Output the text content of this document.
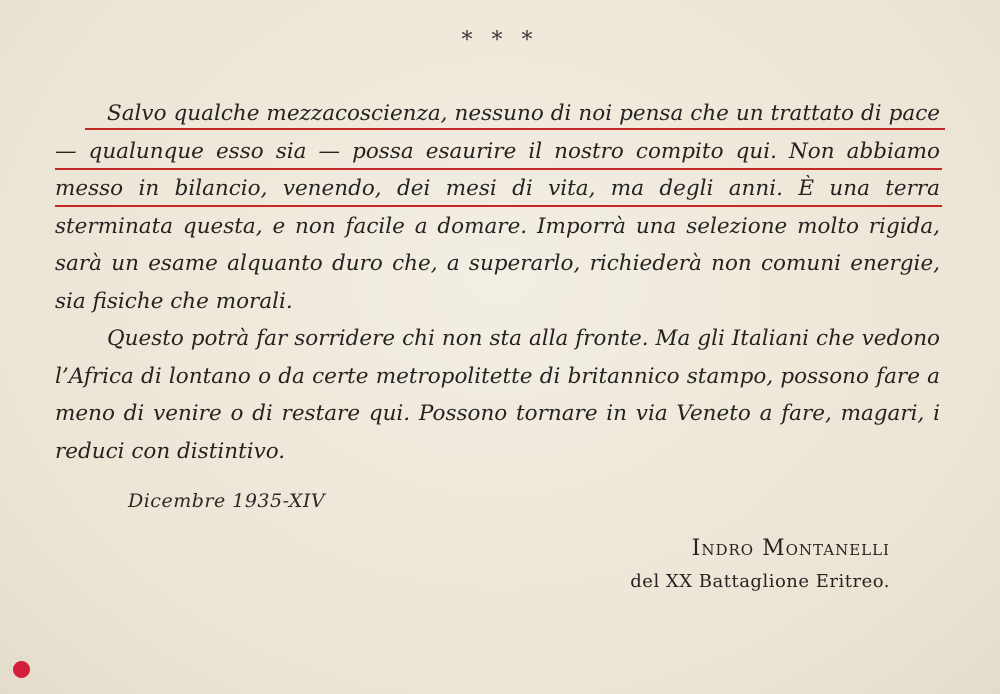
* * *

Salvo qualche mezzacoscienza, nessuno di noi pensa che un trattato di pace — qualunque esso sia — possa esaurire il nostro compito qui. Non abbiamo messo in bilancio, venendo, dei mesi di vita, ma degli anni. È una terra sterminata questa, e non facile a domare. Imporrà una selezione molto rigida, sarà un esame alquanto duro che, a superarlo, richiederà non comuni energie, sia fisiche che morali.

Questo potrà far sorridere chi non sta alla fronte. Ma gli Italiani che vedono l’Africa di lontano o da certe metropolitette di britannico stampo, possono fare a meno di venire o di restare qui. Possono tornare in via Veneto a fare, magari, i reduci con distintivo.

Dicembre 1935-XIV
Indro Montanelli
del XX Battaglione Eritreo.
